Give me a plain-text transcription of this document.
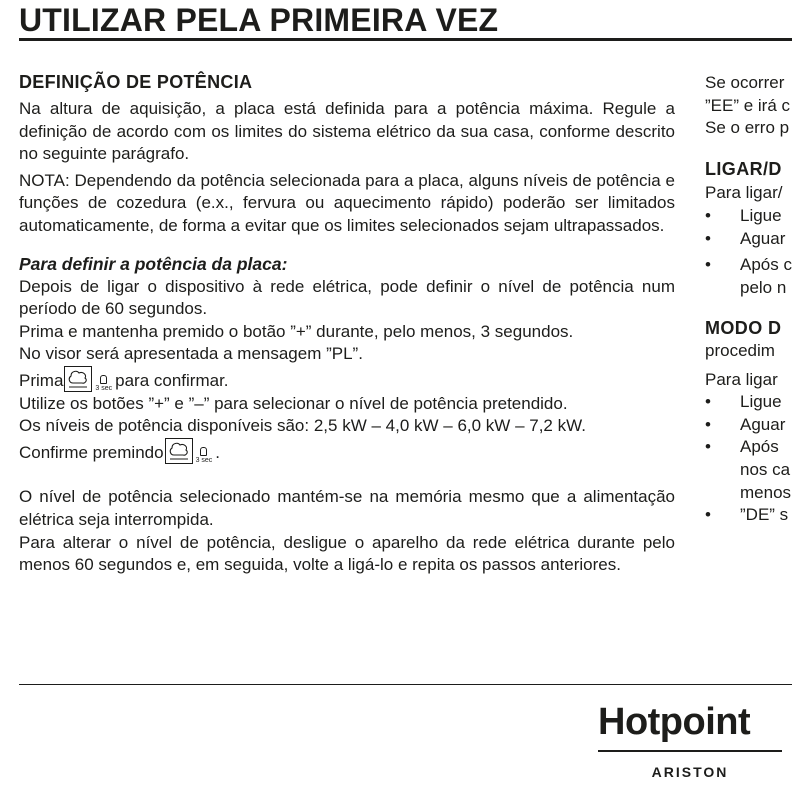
UTILIZAR PELA PRIMEIRA VEZ
DEFINIÇÃO DE POTÊNCIA

Na altura de aquisição, a placa está definida para a potência máxima. Regule a definição de acordo com os limites do sistema elétrico da sua casa, conforme descrito no seguinte parágrafo.

NOTA: Dependendo da potência selecionada para a placa, alguns níveis de potência e funções de cozedura (e.x., fervura ou aquecimento rápido) poderão ser limitados automaticamente, de forma a evitar que os limites selecionados sejam ultrapassados.

Para definir a potência da placa:

Depois de ligar o dispositivo à rede elétrica, pode definir o nível de potência num período de 60 segundos.

Prima e mantenha premido o botão ”+” durante, pelo menos, 3 segundos.

No visor será apresentada a mensagem ”PL”.

Prima	3 sec para confirmar.

Utilize os botões ”+” e ”–” para selecionar o nível de potência pretendido.

Os níveis de potência disponíveis são: 2,5 kW – 4,0 kW – 6,0 kW – 7,2 kW.

Confirme premindo	3 sec .

O nível de potência selecionado mantém-se na memória mesmo que a alimentação elétrica seja interrompida.

Para alterar o nível de potência, desligue o aparelho da rede elétrica durante pelo menos 60 segundos e, em seguida, volte a ligá-lo e repita os passos anteriores.

Se ocorrer

”EE” e irá c

Se o erro p

LIGAR/D

Para ligar/

•	Ligue
•	Aguar
•	Após c

pelo n

MODO D

procedim

Para ligar

•	Ligue
•	Aguar
•	Após

nos ca

menos

•	”DE” s
Hotpoint
ARISTON
